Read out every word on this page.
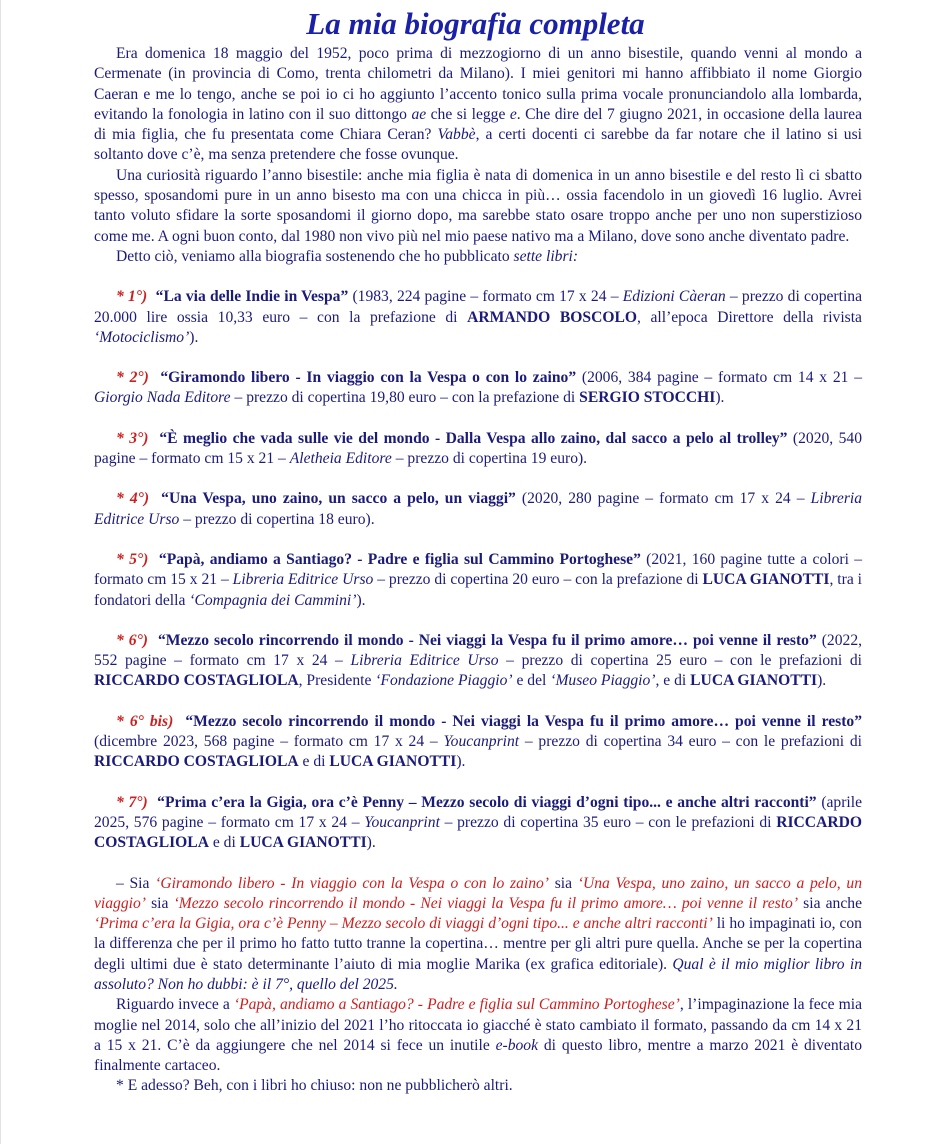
La mia biografia completa

Era domenica 18 maggio del 1952, poco prima di mezzogiorno di un anno bisestile, quando venni al mondo a Cermenate (in provincia di Como, trenta chilometri da Milano). I miei genitori mi hanno affibbiato il nome Giorgio Caeran e me lo tengo, anche se poi io ci ho aggiunto l’accento tonico sulla prima vocale pronunciandolo alla lombarda, evitando la fonologia in latino con il suo dittongo ae che si legge e. Che dire del 7 giugno 2021, in occasione della laurea di mia figlia, che fu presentata come Chiara Ceran? Vabbè, a certi docenti ci sarebbe da far notare che il latino si usi soltanto dove c’è, ma senza pretendere che fosse ovunque.

Una curiosità riguardo l’anno bisestile: anche mia figlia è nata di domenica in un anno bisestile e del resto lì ci sbatto spesso, sposandomi pure in un anno bisesto ma con una chicca in più… ossia facendolo in un giovedì 16 luglio. Avrei tanto voluto sfidare la sorte sposandomi il giorno dopo, ma sarebbe stato osare troppo anche per uno non superstizioso come me. A ogni buon conto, dal 1980 non vivo più nel mio paese nativo ma a Milano, dove sono anche diventato padre.

Detto ciò, veniamo alla biografia sostenendo che ho pubblicato sette libri:

* 1°) “La via delle Indie in Vespa” (1983, 224 pagine – formato cm 17 x 24 – Edizioni Càeran – prezzo di copertina 20.000 lire ossia 10,33 euro – con la prefazione di ARMANDO BOSCOLO, all’epoca Direttore della rivista ‘Motociclismo’).

* 2°) “Giramondo libero - In viaggio con la Vespa o con lo zaino” (2006, 384 pagine – formato cm 14 x 21 – Giorgio Nada Editore – prezzo di copertina 19,80 euro – con la prefazione di SERGIO STOCCHI).

* 3°) “È meglio che vada sulle vie del mondo - Dalla Vespa allo zaino, dal sacco a pelo al trolley” (2020, 540 pagine – formato cm 15 x 21 – Aletheia Editore – prezzo di copertina 19 euro).

* 4°) “Una Vespa, uno zaino, un sacco a pelo, un viaggi” (2020, 280 pagine – formato cm 17 x 24 – Libreria Editrice Urso – prezzo di copertina 18 euro).

* 5°) “Papà, andiamo a Santiago? - Padre e figlia sul Cammino Portoghese” (2021, 160 pagine tutte a colori – formato cm 15 x 21 – Libreria Editrice Urso – prezzo di copertina 20 euro – con la prefazione di LUCA GIANOTTI, tra i fondatori della ‘Compagnia dei Cammini’).

* 6°) “Mezzo secolo rincorrendo il mondo - Nei viaggi la Vespa fu il primo amore… poi venne il resto” (2022, 552 pagine – formato cm 17 x 24 – Libreria Editrice Urso – prezzo di copertina 25 euro – con le prefazioni di RICCARDO COSTAGLIOLA, Presidente ‘Fondazione Piaggio’ e del ‘Museo Piaggio’, e di LUCA GIANOTTI).

* 6° bis) “Mezzo secolo rincorrendo il mondo - Nei viaggi la Vespa fu il primo amore… poi venne il resto” (dicembre 2023, 568 pagine – formato cm 17 x 24 – Youcanprint – prezzo di copertina 34 euro – con le prefazioni di RICCARDO COSTAGLIOLA e di LUCA GIANOTTI).

* 7°) “Prima c’era la Gigia, ora c’è Penny – Mezzo secolo di viaggi d’ogni tipo... e anche altri racconti” (aprile 2025, 576 pagine – formato cm 17 x 24 – Youcanprint – prezzo di copertina 35 euro – con le prefazioni di RICCARDO COSTAGLIOLA e di LUCA GIANOTTI).

– Sia ‘Giramondo libero - In viaggio con la Vespa o con lo zaino’ sia ‘Una Vespa, uno zaino, un sacco a pelo, un viaggio’ sia ‘Mezzo secolo rincorrendo il mondo - Nei viaggi la Vespa fu il primo amore… poi venne il resto’ sia anche ‘Prima c’era la Gigia, ora c’è Penny – Mezzo secolo di viaggi d’ogni tipo... e anche altri racconti’ li ho impaginati io, con la differenza che per il primo ho fatto tutto tranne la copertina… mentre per gli altri pure quella. Anche se per la copertina degli ultimi due è stato determinante l’aiuto di mia moglie Marika (ex grafica editoriale). Qual è il mio miglior libro in assoluto? Non ho dubbi: è il 7°, quello del 2025.

Riguardo invece a ‘Papà, andiamo a Santiago? - Padre e figlia sul Cammino Portoghese’, l’impaginazione la fece mia moglie nel 2014, solo che all’inizio del 2021 l’ho ritoccata io giacché è stato cambiato il formato, passando da cm 14 x 21 a 15 x 21. C’è da aggiungere che nel 2014 si fece un inutile e-book di questo libro, mentre a marzo 2021 è diventato finalmente cartaceo.

* E adesso? Beh, con i libri ho chiuso: non ne pubblicherò altri.
